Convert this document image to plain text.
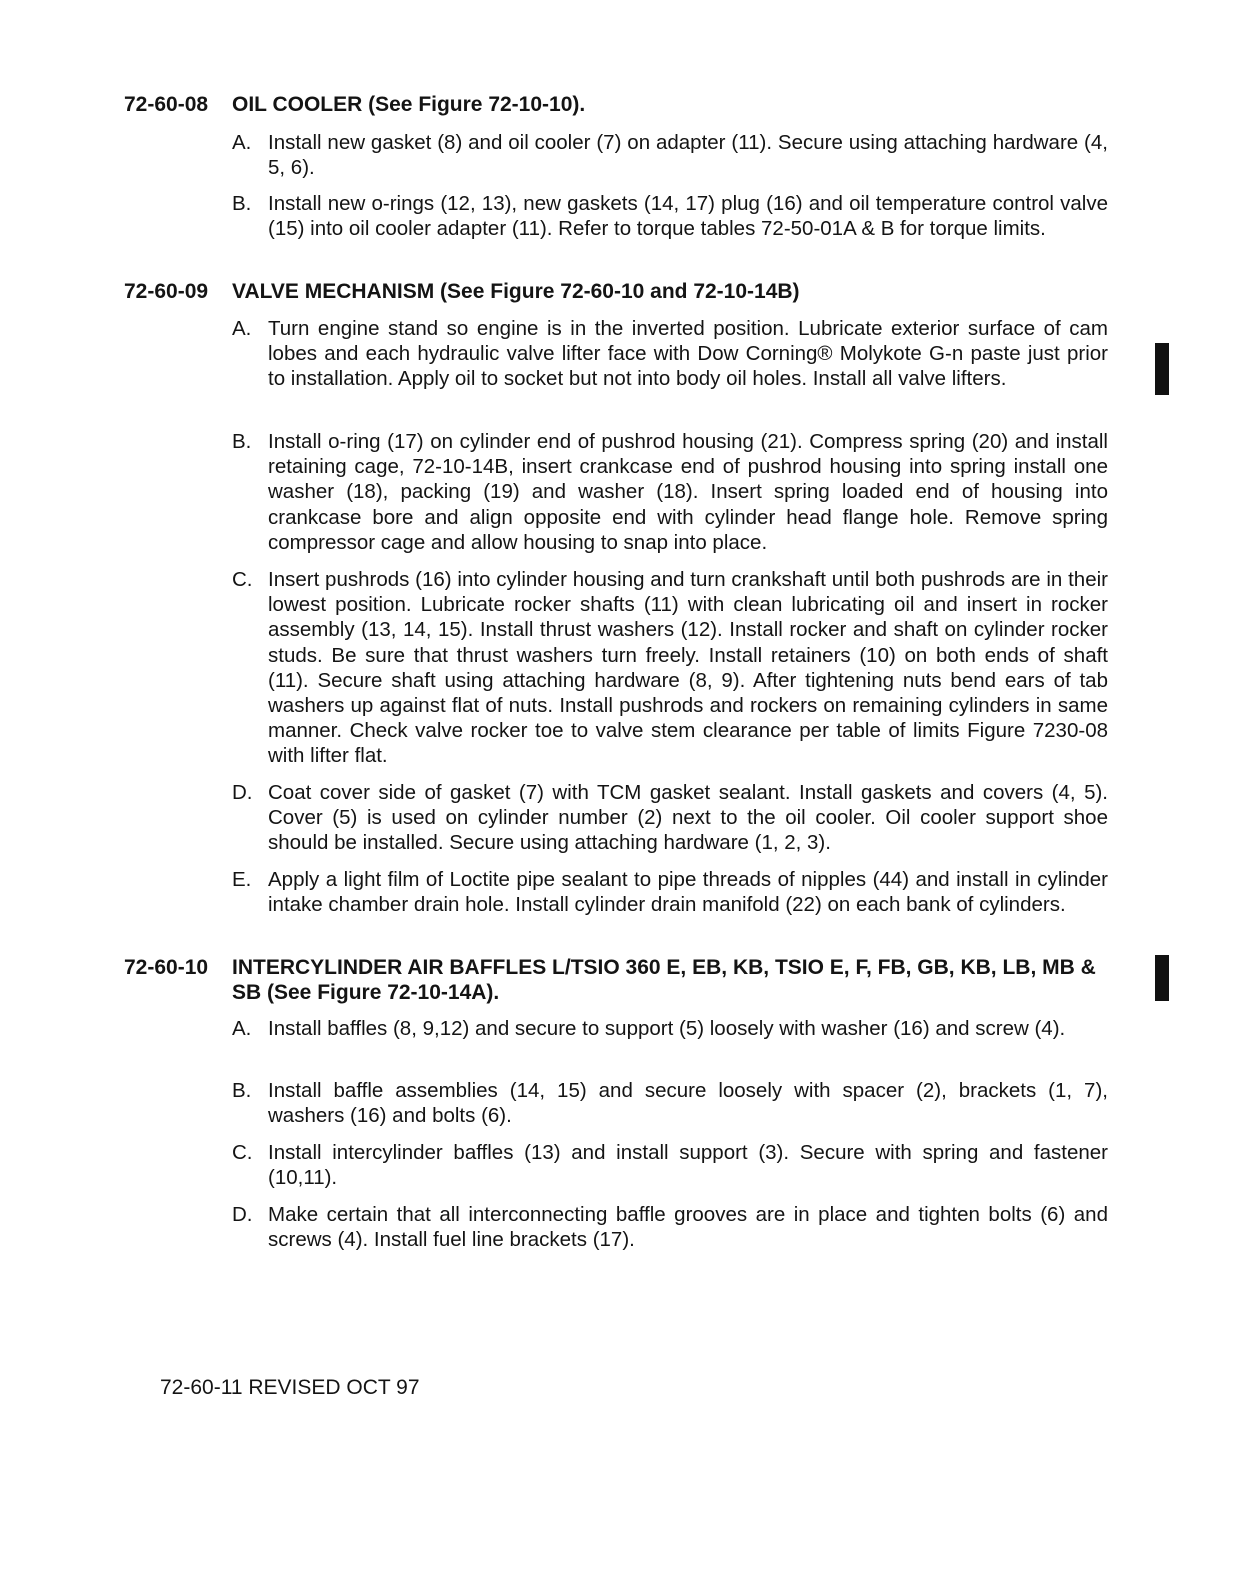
72-60-08 OIL COOLER (See Figure 72-10-10).
A. Install new gasket (8) and oil cooler (7) on adapter (11). Secure using attaching hardware (4, 5, 6).
B. Install new o-rings (12, 13), new gaskets (14, 17) plug (16) and oil temperature control valve (15) into oil cooler adapter (11). Refer to torque tables 72-50-01A & B for torque limits.
72-60-09 VALVE MECHANISM (See Figure 72-60-10 and 72-10-14B)
A. Turn engine stand so engine is in the inverted position. Lubricate exterior surface of cam lobes and each hydraulic valve lifter face with Dow Corning® Molykote G-n paste just prior to installation. Apply oil to socket but not into body oil holes. Install all valve lifters.
B. Install o-ring (17) on cylinder end of pushrod housing (21). Compress spring (20) and install retaining cage, 72-10-14B, insert crankcase end of pushrod housing into spring install one washer (18), packing (19) and washer (18). Insert spring loaded end of housing into crankcase bore and align opposite end with cylinder head flange hole. Remove spring compressor cage and allow housing to snap into place.
C. Insert pushrods (16) into cylinder housing and turn crankshaft until both pushrods are in their lowest position. Lubricate rocker shafts (11) with clean lubricating oil and insert in rocker assembly (13, 14, 15). Install thrust washers (12). Install rocker and shaft on cylinder rocker studs. Be sure that thrust washers turn freely. Install retainers (10) on both ends of shaft (11). Secure shaft using attaching hardware (8, 9). After tightening nuts bend ears of tab washers up against flat of nuts. Install pushrods and rockers on remaining cylinders in same manner. Check valve rocker toe to valve stem clearance per table of limits Figure 7230-08 with lifter flat.
D. Coat cover side of gasket (7) with TCM gasket sealant. Install gaskets and covers (4, 5). Cover (5) is used on cylinder number (2) next to the oil cooler. Oil cooler support shoe should be installed. Secure using attaching hardware (1, 2, 3).
E. Apply a light film of Loctite pipe sealant to pipe threads of nipples (44) and install in cylinder intake chamber drain hole. Install cylinder drain manifold (22) on each bank of cylinders.
72-60-10 INTERCYLINDER AIR BAFFLES L/TSIO 360 E, EB, KB, TSIO E, F, FB, GB, KB, LB, MB & SB (See Figure 72-10-14A).
A. Install baffles (8, 9,12) and secure to support (5) loosely with washer (16) and screw (4).
B. Install baffle assemblies (14, 15) and secure loosely with spacer (2), brackets (1, 7), washers (16) and bolts (6).
C. Install intercylinder baffles (13) and install support (3). Secure with spring and fastener (10,11).
D. Make certain that all interconnecting baffle grooves are in place and tighten bolts (6) and screws (4). Install fuel line brackets (17).
72-60-11 REVISED OCT 97
